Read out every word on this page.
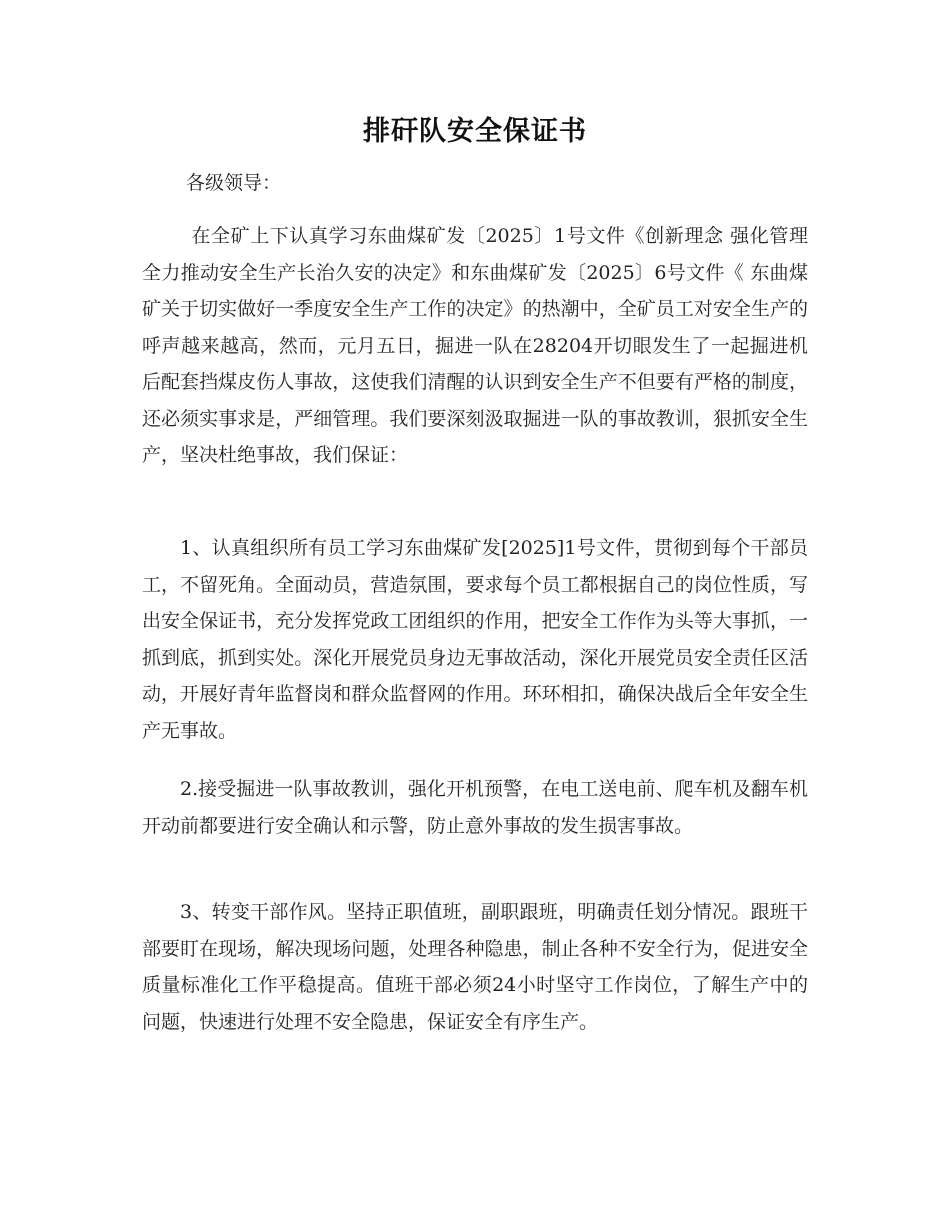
排矸队安全保证书

各级领导：

在全矿上下认真学习东曲煤矿发〔2025〕1号文件《创新理念 强化管理 全力推动安全生产长治久安的决定》和东曲煤矿发〔2025〕6号文件《 东曲煤矿关于切实做好一季度安全生产工作的决定》的热潮中，全矿员工对安全生产的呼声越来越高，然而，元月五日，掘进一队在28204开切眼发生了一起掘进机后配套挡煤皮伤人事故，这使我们清醒的认识到安全生产不但要有严格的制度，还必须实事求是，严细管理。我们要深刻汲取掘进一队的事故教训，狠抓安全生产，坚决杜绝事故，我们保证：

1、认真组织所有员工学习东曲煤矿发[2025]1号文件，贯彻到每个干部员工，不留死角。全面动员，营造氛围，要求每个员工都根据自己的岗位性质，写出安全保证书，充分发挥党政工团组织的作用，把安全工作作为头等大事抓，一抓到底，抓到实处。深化开展党员身边无事故活动，深化开展党员安全责任区活动，开展好青年监督岗和群众监督网的作用。环环相扣，确保决战后全年安全生产无事故。

2.接受掘进一队事故教训，强化开机预警，在电工送电前、爬车机及翻车机开动前都要进行安全确认和示警，防止意外事故的发生损害事故。

3、转变干部作风。坚持正职值班，副职跟班，明确责任划分情况。跟班干部要盯在现场，解决现场问题，处理各种隐患，制止各种不安全行为，促进安全质量标准化工作平稳提高。值班干部必须24小时坚守工作岗位，了解生产中的问题，快速进行处理不安全隐患，保证安全有序生产。
